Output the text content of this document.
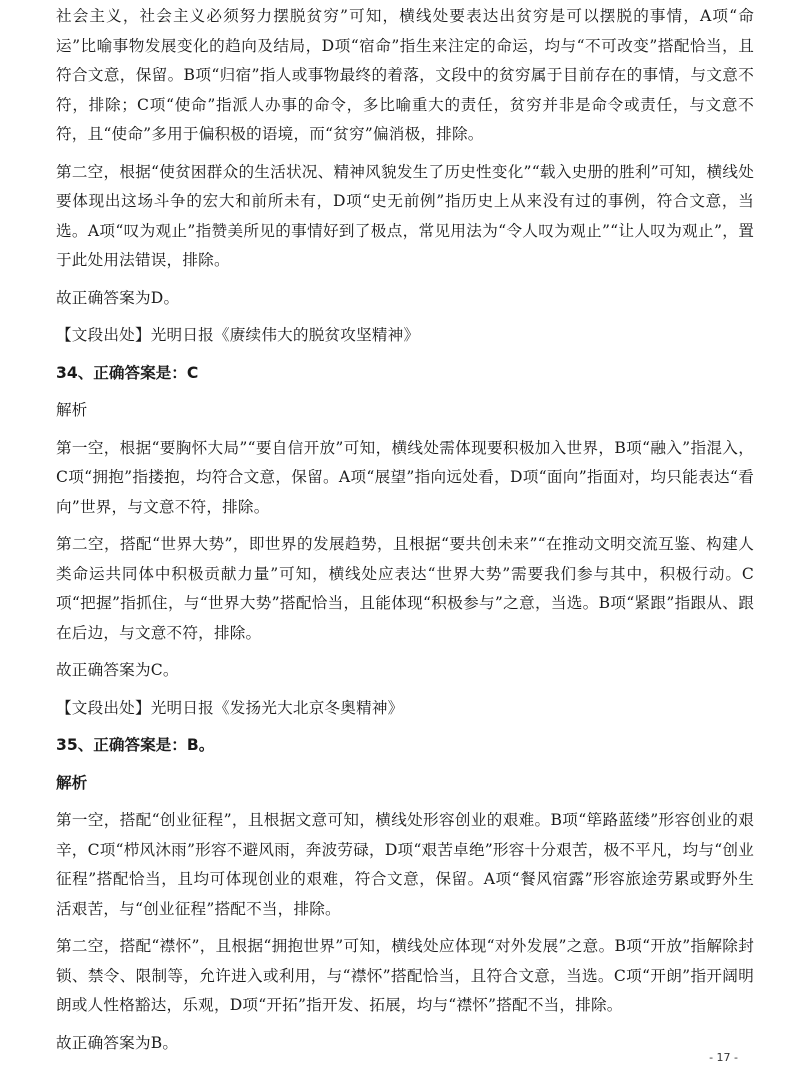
社会主义，社会主义必须努力摆脱贫穷”可知，横线处要表达出贫穷是可以摆脱的事情，A项“命运”比喻事物发展变化的趋向及结局，D项“宿命”指生来注定的命运，均与“不可改变”搭配恰当，且符合文意，保留。B项“归宿”指人或事物最终的着落，文段中的贫穷属于目前存在的事情，与文意不符，排除；C项“使命”指派人办事的命令，多比喻重大的责任，贫穷并非是命令或责任，与文意不符，且“使命”多用于偏积极的语境，而“贫穷”偏消极，排除。

第二空，根据“使贫困群众的生活状况、精神风貌发生了历史性变化”“载入史册的胜利”可知，横线处要体现出这场斗争的宏大和前所未有，D项“史无前例”指历史上从来没有过的事例，符合文意，当选。A项“叹为观止”指赞美所见的事情好到了极点，常见用法为“令人叹为观止”“让人叹为观止”，置于此处用法错误，排除。

故正确答案为D。

【文段出处】光明日报《赓续伟大的脱贫攻坚精神》

34、正确答案是：C

解析

第一空，根据“要胸怀大局”“要自信开放”可知，横线处需体现要积极加入世界，B项“融入”指混入，C项“拥抱”指搂抱，均符合文意，保留。A项“展望”指向远处看，D项“面向”指面对，均只能表达“看向”世界，与文意不符，排除。

第二空，搭配“世界大势”，即世界的发展趋势，且根据“要共创未来”“在推动文明交流互鉴、构建人类命运共同体中积极贡献力量”可知，横线处应表达“世界大势”需要我们参与其中，积极行动。C项“把握”指抓住，与“世界大势”搭配恰当，且能体现“积极参与”之意，当选。B项“紧跟”指跟从、跟在后边，与文意不符，排除。

故正确答案为C。

【文段出处】光明日报《发扬光大北京冬奥精神》

35、正确答案是：B。

解析

第一空，搭配“创业征程”，且根据文意可知，横线处形容创业的艰难。B项“筚路蓝缕”形容创业的艰辛，C项“栉风沐雨”形容不避风雨，奔波劳碌，D项“艰苦卓绝”形容十分艰苦，极不平凡，均与“创业征程”搭配恰当，且均可体现创业的艰难，符合文意，保留。A项“餐风宿露”形容旅途劳累或野外生活艰苦，与“创业征程”搭配不当，排除。

第二空，搭配“襟怀”，且根据“拥抱世界”可知，横线处应体现“对外发展”之意。B项“开放”指解除封锁、禁令、限制等，允许进入或利用，与“襟怀”搭配恰当，且符合文意，当选。C项“开朗”指开阔明朗或人性格豁达，乐观，D项“开拓”指开发、拓展，均与“襟怀”搭配不当，排除。

故正确答案为B。

- 17 -
